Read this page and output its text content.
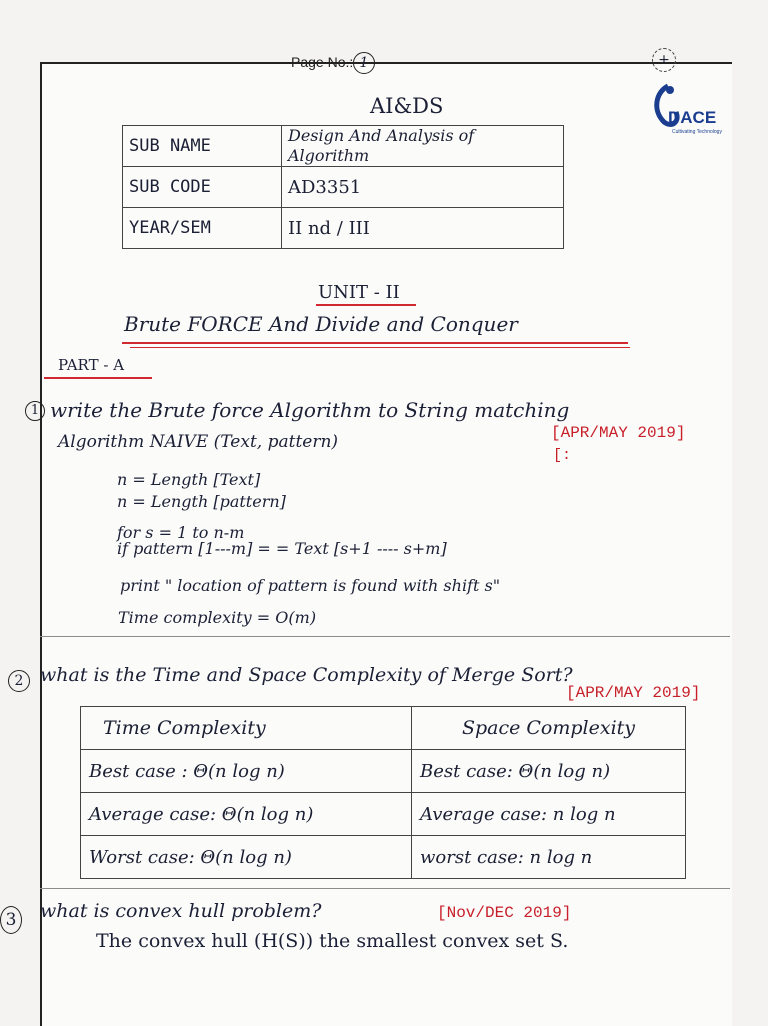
Page No.: 1	+
AI&DS	DACE
Cultivating Technology
SUB NAME	Design And Analysis of Algorithm
SUB CODE	AD3351
YEAR/SEM	II nd / III
UNIT - II
Brute FORCE And Divide and Conquer
PART - A
1 write the Brute force Algorithm to String matching
[APR/MAY 2019]
[:
Algorithm NAIVE (Text, pattern)
n = Length [Text]
n = Length [pattern]
for s = 1 to n-m
if pattern [1---m] = = Text [s+1 ---- s+m]
print " location of pattern is found with shift s"
Time complexity = O(m)
2 what is the Time and Space Complexity of Merge Sort?
[APR/MAY 2019]
Time Complexity	Space Complexity
Best case : Θ(n log n)	Best case: Θ(n log n)
Average case: Θ(n log n)	Average case: n log n
Worst case: Θ(n log n)	worst case: n log n
3 what is convex hull problem?	[Nov/DEC 2019]
The convex hull (H(S)) the smallest convex set S.
